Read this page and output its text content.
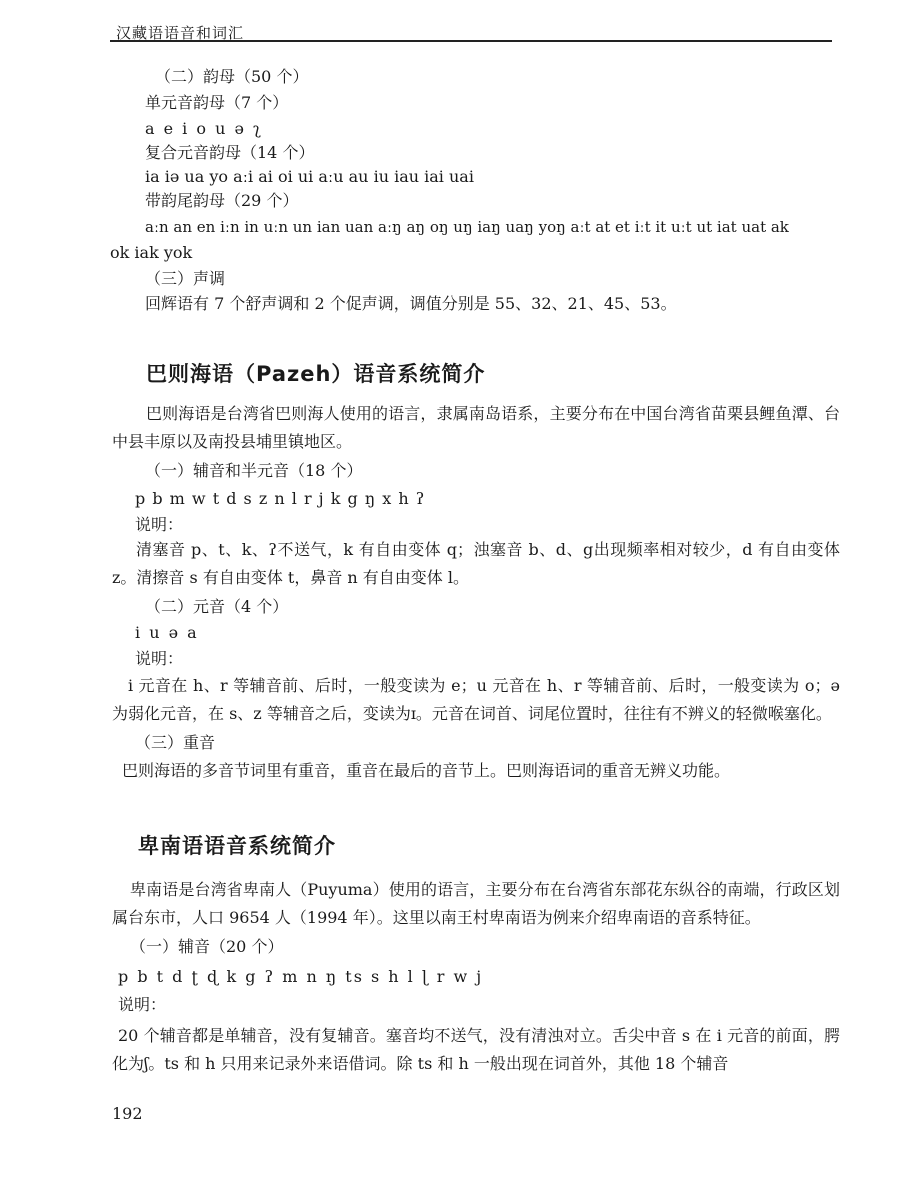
汉藏语语音和词汇
（二）韵母（50 个）
单元音韵母（7 个）
a e i o u ə ʅ
复合元音韵母（14 个）
ia iə ua yo aːi ai oi ui aːu au iu iau iai uai
带韵尾韵母（29 个）
aːn an en iːn in uːn un ian uan aːŋ aŋ oŋ uŋ iaŋ uaŋ yoŋ aːt at et iːt it uːt ut iat uat ak
ok iak yok
（三）声调
回辉语有 7 个舒声调和 2 个促声调，调值分别是 55、32、21、45、53。
巴则海语（Pazeh）语音系统简介
巴则海语是台湾省巴则海人使用的语言，隶属南岛语系，主要分布在中国台湾省苗栗县鲤鱼潭、台中县丰原以及南投县埔里镇地区。
（一）辅音和半元音（18 个）
p b m w t d s z n l r j k g ŋ x h ʔ
说明：
清塞音 p、t、k、ʔ不送气，k 有自由变体 q；浊塞音 b、d、g出现频率相对较少，d 有自由变体 z。清擦音 s 有自由变体 t，鼻音 n 有自由变体 l。
（二）元音（4 个）
i u ə a
说明：
i 元音在 h、r 等辅音前、后时，一般变读为 e；u 元音在 h、r 等辅音前、后时，一般变读为 o；ə 为弱化元音，在 s、z 等辅音之后，变读为ɪ。元音在词首、词尾位置时，往往有不辨义的轻微喉塞化。
（三）重音
巴则海语的多音节词里有重音，重音在最后的音节上。巴则海语词的重音无辨义功能。
卑南语语音系统简介
卑南语是台湾省卑南人（Puyuma）使用的语言，主要分布在台湾省东部花东纵谷的南端，行政区划属台东市，人口 9654 人（1994 年）。这里以南王村卑南语为例来介绍卑南语的音系特征。
（一）辅音（20 个）
p b t d ʈ ɖ k g ʔ m n ŋ ts s h l ɭ r w j
说明：
20 个辅音都是单辅音，没有复辅音。塞音均不送气，没有清浊对立。舌尖中音 s 在 i 元音的前面，腭化为ʃ。ts 和 h 只用来记录外来语借词。除 ts 和 h 一般出现在词首外，其他 18 个辅音
192
